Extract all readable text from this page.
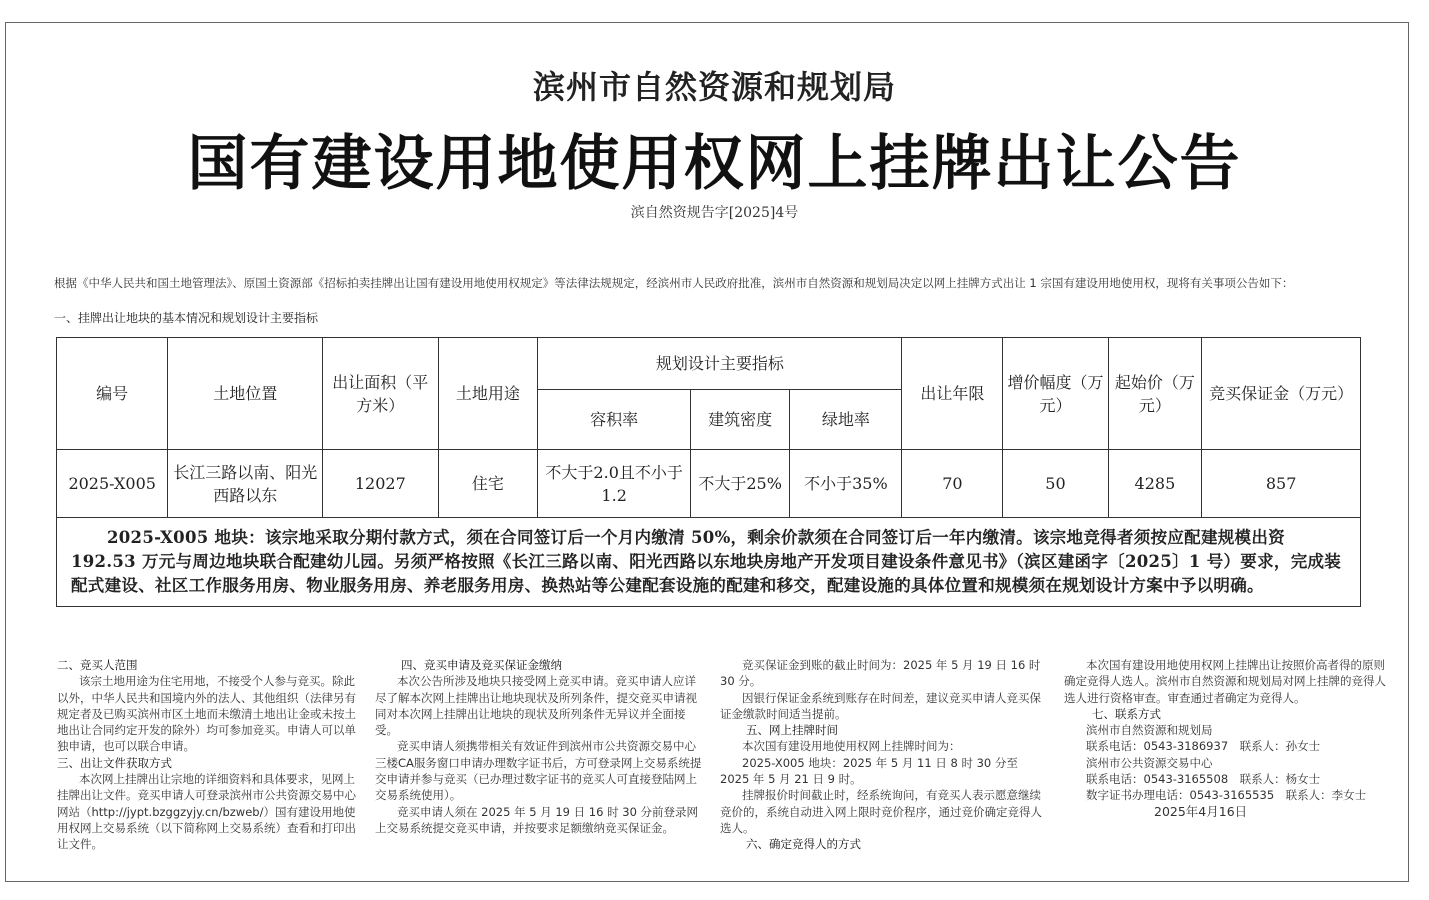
滨州市自然资源和规划局
国有建设用地使用权网上挂牌出让公告
滨自然资规告字[2025]4号
根据《中华人民共和国土地管理法》、原国土资源部《招标拍卖挂牌出让国有建设用地使用权规定》等法律法规规定，经滨州市人民政府批准，滨州市自然资源和规划局决定以网上挂牌方式出让 1 宗国有建设用地使用权，现将有关事项公告如下：
一、挂牌出让地块的基本情况和规划设计主要指标
编号	土地位置	出让面积（平方米）	土地用途	规划设计主要指标			出让年限	增价幅度（万元）	起始价（万元）	竞买保证金（万元）
				容积率	建筑密度	绿地率				
2025-X005	长江三路以南、阳光西路以东	12027	住宅	不大于2.0且不小于1.2	不大于25%	不小于35%	70	50	4285	857
2025-X005 地块：该宗地采取分期付款方式，须在合同签订后一个月内缴清 50%，剩余价款须在合同签订后一年内缴清。该宗地竞得者须按应配建规模出资 192.53 万元与周边地块联合配建幼儿园。另须严格按照《长江三路以南、阳光西路以东地块房地产开发项目建设条件意见书》（滨区建函字〔2025〕1 号）要求，完成装配式建设、社区工作服务用房、物业服务用房、养老服务用房、换热站等公建配套设施的配建和移交，配建设施的具体位置和规模须在规划设计方案中予以明确。										

二、竞买人范围

该宗土地用途为住宅用地，不接受个人参与竞买。除此以外，中华人民共和国境内外的法人、其他组织（法律另有规定者及已购买滨州市区土地而未缴清土地出让金或未按土地出让合同约定开发的除外）均可参加竞买。申请人可以单独申请，也可以联合申请。

三、出让文件获取方式

本次网上挂牌出让宗地的详细资料和具体要求，见网上挂牌出让文件。竞买申请人可登录滨州市公共资源交易中心网站（http://jypt.bzggzyjy.cn/bzweb/）国有建设用地使用权网上交易系统（以下简称网上交易系统）查看和打印出让文件。

四、竞买申请及竞买保证金缴纳

本次公告所涉及地块只接受网上竞买申请。竞买申请人应详尽了解本次网上挂牌出让地块现状及所列条件，提交竞买申请视同对本次网上挂牌出让地块的现状及所列条件无异议并全面接受。

竞买申请人须携带相关有效证件到滨州市公共资源交易中心三楼CA服务窗口申请办理数字证书后，方可登录网上交易系统提交申请并参与竞买（已办理过数字证书的竞买人可直接登陆网上交易系统使用）。

竞买申请人须在 2025 年 5 月 19 日 16 时 30 分前登录网上交易系统提交竞买申请，并按要求足额缴纳竞买保证金。

竞买保证金到账的截止时间为：2025 年 5 月 19 日 16 时 30 分。

因银行保证金系统到账存在时间差，建议竞买申请人竞买保证金缴款时间适当提前。

五、网上挂牌时间

本次国有建设用地使用权网上挂牌时间为：

2025-X005 地块：2025 年 5 月 11 日 8 时 30 分至 2025 年 5 月 21 日 9 时。

挂牌报价时间截止时，经系统询问，有竞买人表示愿意继续竞价的，系统自动进入网上限时竞价程序，通过竞价确定竞得人选人。

六、确定竞得人的方式

本次国有建设用地使用权网上挂牌出让按照价高者得的原则确定竞得人选人。滨州市自然资源和规划局对网上挂牌的竞得人选人进行资格审查。审查通过者确定为竞得人。

七、联系方式

滨州市自然资源和规划局

联系电话：0543-3186937　联系人：孙女士

滨州市公共资源交易中心

联系电话：0543-3165508　联系人：杨女士

数字证书办理电话：0543-3165535　联系人：李女士

2025年4月16日
